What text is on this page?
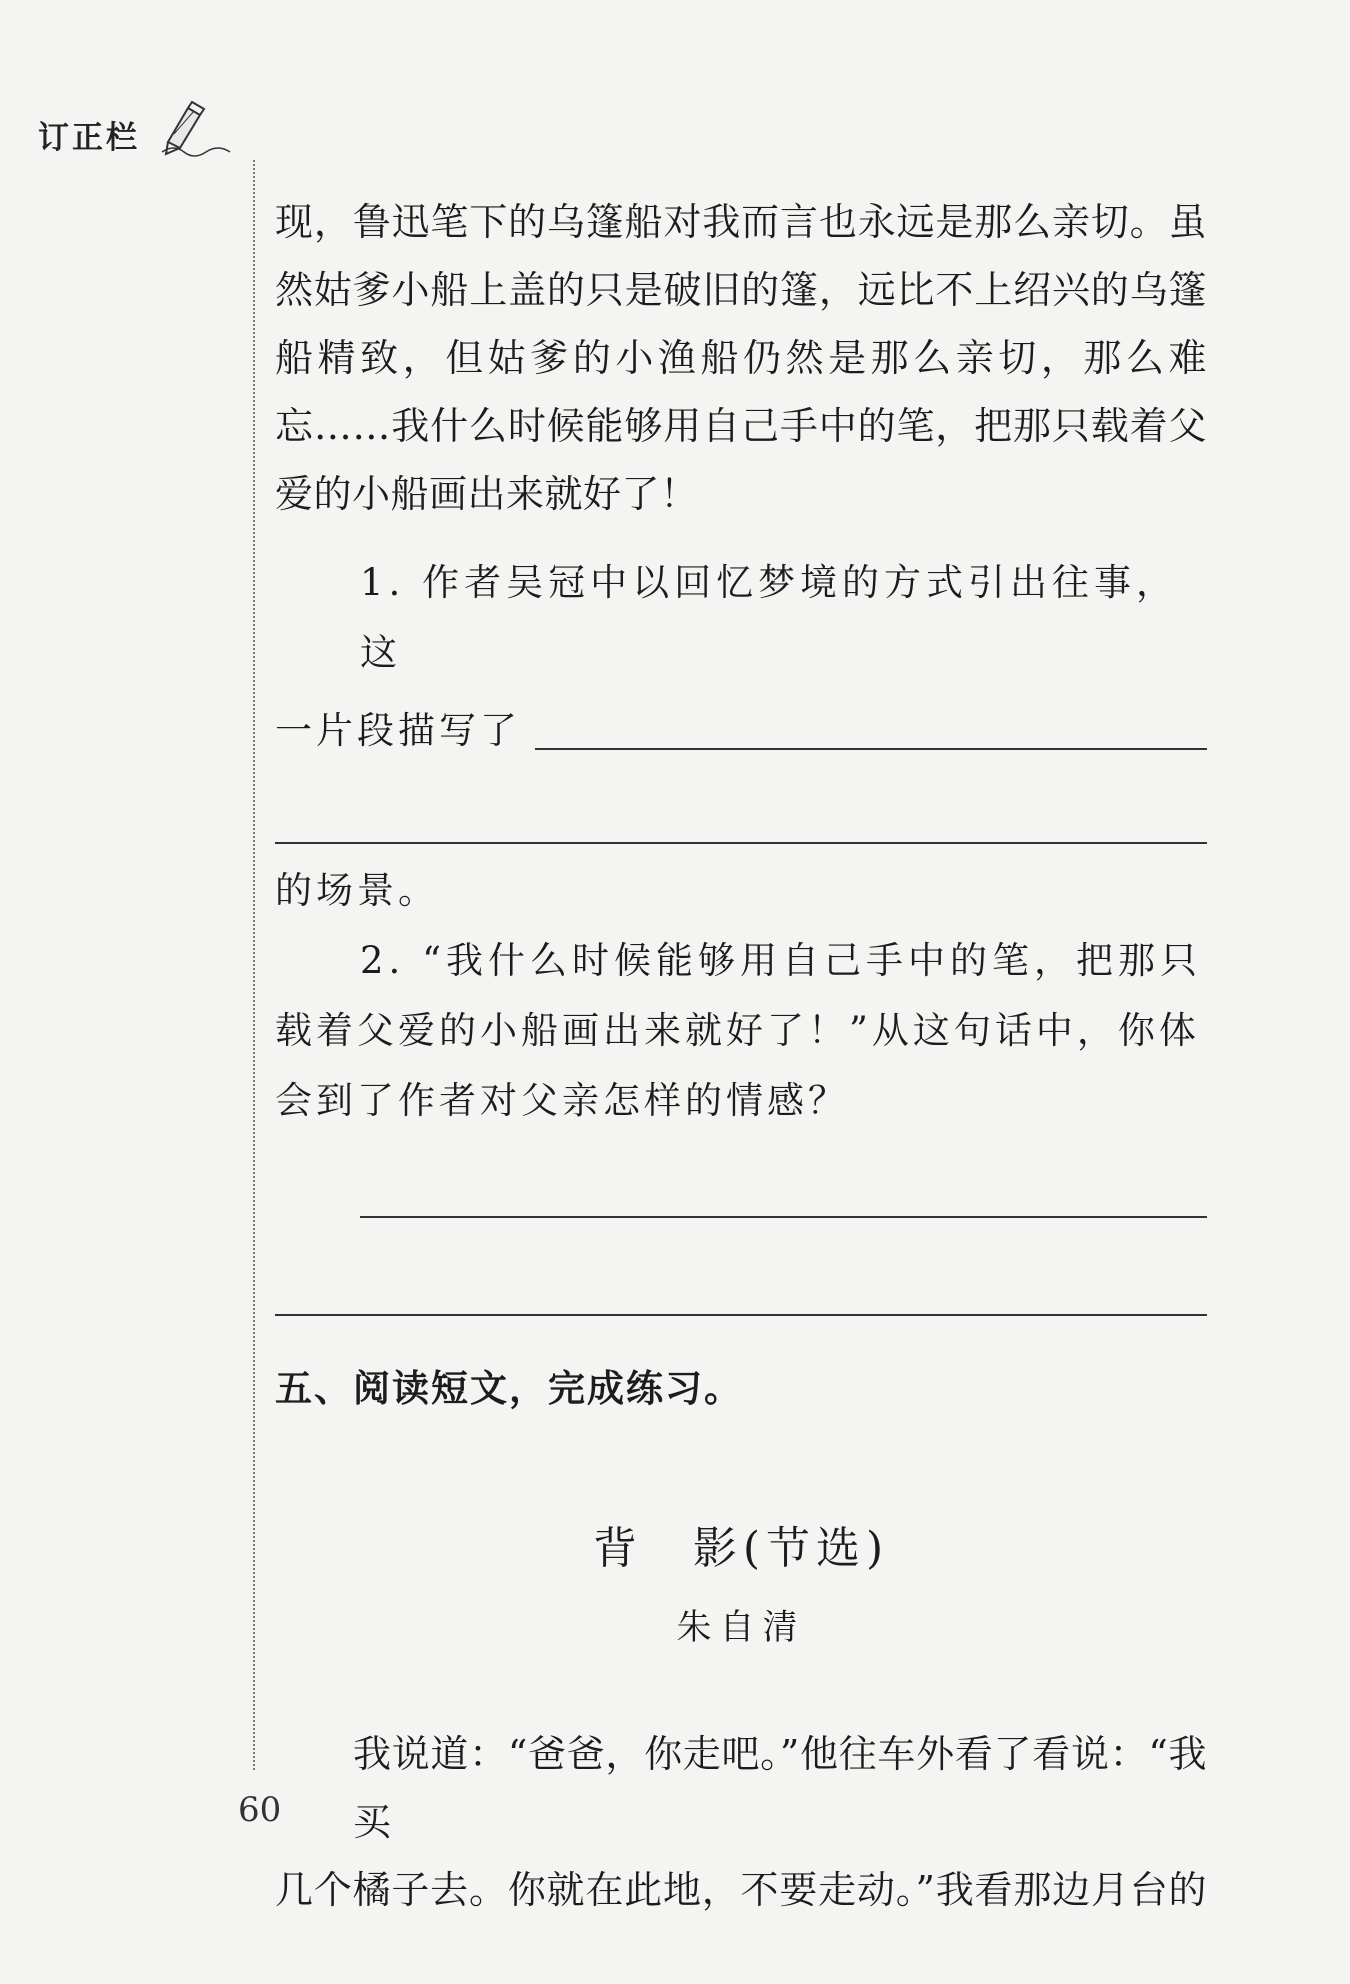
订正栏

现，鲁迅笔下的乌篷船对我而言也永远是那么亲切。虽

然姑爹小船上盖的只是破旧的篷，远比不上绍兴的乌篷

船精致，但姑爹的小渔船仍然是那么亲切，那么难

忘……我什么时候能够用自己手中的笔，把那只载着父

爱的小船画出来就好了！

1. 作者吴冠中以回忆梦境的方式引出往事，这

一片段描写了

的场景。

2. “我什么时候能够用自己手中的笔，把那只

载着父爱的小船画出来就好了！”从这句话中，你体

会到了作者对父亲怎样的情感？

五、阅读短文，完成练习。
背　影(节选)
朱自清

我说道：“爸爸，你走吧。”他往车外看了看说：“我买

几个橘子去。你就在此地，不要走动。”我看那边月台的

60
